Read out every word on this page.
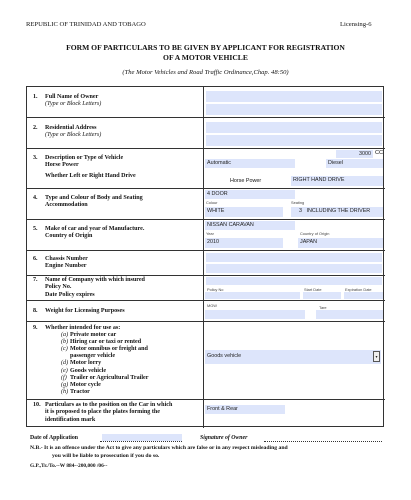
REPUBLIC OF TRINIDAD AND TOBAGO	Licensing-6
FORM OF PARTICULARS TO BE GIVEN BY APPLICANT FOR REGISTRATION
OF A MOTOR VEHICLE
(The Motor Vehicles and Road Traffic Ordinance,Chap. 48:50)
1. Full Name of Owner
(Type or Block Letters)
2. Residential Address
(Type or Block Letters)
3. Description or Type of Vehicle
Horse Power
Whether Left or Right Hand Drive
3000 CC
Automatic	Diesel
Horse Power	RIGHT HAND DRIVE
4. Type and Colour of Body and Seating
Accommodation
4 DOOR
Colour	Seating
WHITE	3 INCLUDING THE DRIVER
5. Make of car and year of Manufacture.
Country of Origin
NISSAN CARAVAN
Year	Country of Origin
2010	JAPAN
6. Chassis Number
Engine Number
7. Name of Company with which insured
Policy No.
Date Policy expires
Policy No	Start Date	Expiration Date
8. Weight for Licensing Purposes
MGW	Tare
9. Whether intended for use as:
(a) Private motor car
(b) Hiring car or taxi or rented
(c) Motor omnibus or freight and
passenger vehicle
(d) Motor lorry
(e) Goods vehicle
(f) Trailer or Agricultural Trailer
(g) Motor cycle
(h) Tractor
Goods vehicle	▾
10. Particulars as to the position on the Car in which
it is proposed to place the plates forming the
identification mark
Front & Rear
Date of Application	Signature of Owner
N.B.- It is an offence under the Act to give any particulars which are false or in any respect misleading and
you will be liable to prosecution if you do so.
G.P.,Tr./To.--W 884--200,000 /06--
